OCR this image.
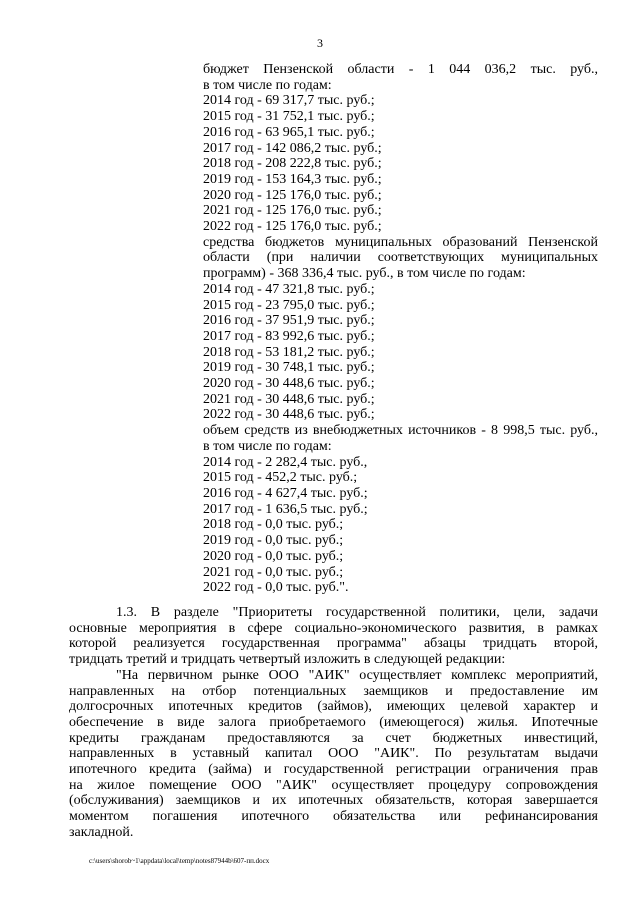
3
бюджет Пензенской области - 1 044 036,2 тыс. руб.,
в том числе по годам:
2014 год - 69 317,7 тыс. руб.;
2015 год - 31 752,1 тыс. руб.;
2016 год - 63 965,1 тыс. руб.;
2017 год - 142 086,2 тыс. руб.;
2018 год - 208 222,8 тыс. руб.;
2019 год - 153 164,3 тыс. руб.;
2020 год - 125 176,0 тыс. руб.;
2021 год - 125 176,0 тыс. руб.;
2022 год - 125 176,0 тыс. руб.;
средства бюджетов муниципальных образований Пензенской
области (при наличии соответствующих муниципальных
программ) - 368 336,4 тыс. руб., в том числе по годам:
2014 год - 47 321,8 тыс. руб.;
2015 год - 23 795,0 тыс. руб.;
2016 год - 37 951,9 тыс. руб.;
2017 год - 83 992,6 тыс. руб.;
2018 год - 53 181,2 тыс. руб.;
2019 год - 30 748,1 тыс. руб.;
2020 год - 30 448,6 тыс. руб.;
2021 год - 30 448,6 тыс. руб.;
2022 год - 30 448,6 тыс. руб.;
объем средств из внебюджетных источников - 8 998,5 тыс. руб.,
в том числе по годам:
2014 год - 2 282,4 тыс. руб.,
2015 год - 452,2 тыс. руб.;
2016 год - 4 627,4 тыс. руб.;
2017 год - 1 636,5 тыс. руб.;
2018 год - 0,0 тыс. руб.;
2019 год - 0,0 тыс. руб.;
2020 год - 0,0 тыс. руб.;
2021 год - 0,0 тыс. руб.;
2022 год - 0,0 тыс. руб.".
1.3. В разделе "Приоритеты государственной политики, цели, задачи
основные мероприятия в сфере социально-экономического развития, в рамках
которой реализуется государственная программа" абзацы тридцать второй,
тридцать третий и тридцать четвертый изложить в следующей редакции:
"На первичном рынке ООО "АИК" осуществляет комплекс мероприятий,
направленных на отбор потенциальных заемщиков и предоставление им
долгосрочных ипотечных кредитов (займов), имеющих целевой характер и
обеспечение в виде залога приобретаемого (имеющегося) жилья. Ипотечные
кредиты гражданам предоставляются за счет бюджетных инвестиций,
направленных в уставный капитал ООО "АИК". По результатам выдачи
ипотечного кредита (займа) и государственной регистрации ограничения прав
на жилое помещение ООО "АИК" осуществляет процедуру сопровождения
(обслуживания) заемщиков и их ипотечных обязательств, которая завершается
моментом погашения ипотечного обязательства или рефинансирования
закладной.
c:\users\shorob~1\appdata\local\temp\notes87944b\607-пп.docx
